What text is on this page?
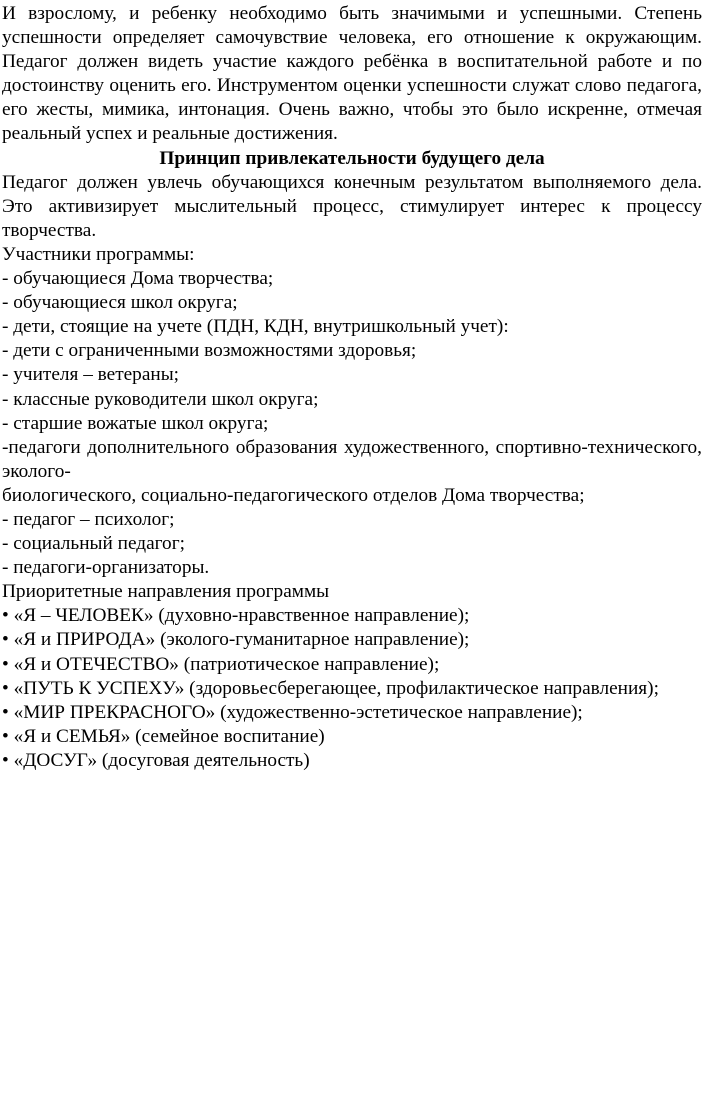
И взрослому, и ребенку необходимо быть значимыми и успешными. Степень успешности определяет самочувствие человека, его отношение к окружающим. Педагог должен видеть участие каждого ребёнка в воспитательной работе и по достоинству оценить его. Инструментом оценки успешности служат слово педагога, его жесты, мимика, интонация. Очень важно, чтобы это было искренне, отмечая реальный успех и реальные достижения.

Принцип привлекательности будущего дела

Педагог должен увлечь обучающихся конечным результатом выполняемого дела. Это активизирует мыслительный процесс, стимулирует интерес к процессу творчества.

Участники программы:

- обучающиеся Дома творчества;

- обучающиеся школ округа;

- дети, стоящие на учете (ПДН, КДН, внутришкольный учет):

- дети с ограниченными возможностями здоровья;

- учителя – ветераны;

- классные руководители школ округа;

- старшие вожатые школ округа;

-педагоги дополнительного образования художественного, спортивно-технического, эколого-

биологического, социально-педагогического отделов Дома творчества;

- педагог – психолог;

- социальный педагог;

- педагоги-организаторы.

Приоритетные направления программы

• «Я – ЧЕЛОВЕК» (духовно-нравственное направление);

• «Я и ПРИРОДА» (эколого-гуманитарное направление);

• «Я и ОТЕЧЕСТВО» (патриотическое направление);

• «ПУТЬ К УСПЕХУ» (здоровьесберегающее, профилактическое направления);

• «МИР ПРЕКРАСНОГО» (художественно-эстетическое направление);

• «Я и СЕМЬЯ» (семейное воспитание)

• «ДОСУГ» (досуговая деятельность)
